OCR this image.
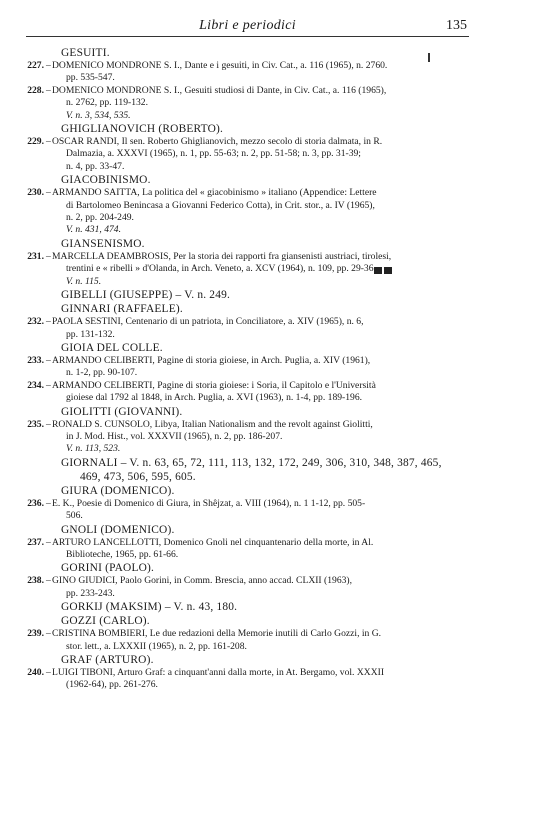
Libri e periodici	135
GESUITI.
227. – DOMENICO MONDRONE S. I., Dante e i gesuiti, in Civ. Cat., a. 116 (1965), n. 2760.
pp. 535-547.
228. – DOMENICO MONDRONE S. I., Gesuiti studiosi di Dante, in Civ. Cat., a. 116 (1965),
n. 2762, pp. 119-132.
V. n. 3, 534, 535.
GHIGLIANOVICH (ROBERTO).
229. – OSCAR RANDI, Il sen. Roberto Ghiglianovich, mezzo secolo di storia dalmata, in R.
Dalmazia, a. XXXVI (1965), n. 1, pp. 55-63; n. 2, pp. 51-58; n. 3, pp. 31-39;
n. 4, pp. 33-47.
GIACOBINISMO.
230. – ARMANDO SAITTA, La politica del « giacobinismo » italiano (Appendice: Lettere
di Bartolomeo Benincasa a Giovanni Federico Cotta), in Crit. stor., a. IV (1965),
n. 2, pp. 204-249.
V. n. 431, 474.
GIANSENISMO.
231. – MARCELLA DEAMBROSIS, Per la storia dei rapporti fra giansenisti austriaci, tirolesi,
trentini e « ribelli » d'Olanda, in Arch. Veneto, a. XCV (1964), n. 109, pp. 29-36.
V. n. 115.
GIBELLI (GIUSEPPE) – V. n. 249.
GINNARI (RAFFAELE).
232. – PAOLA SESTINI, Centenario di un patriota, in Conciliatore, a. XIV (1965), n. 6,
pp. 131-132.
GIOIA DEL COLLE.
233. – ARMANDO CELIBERTI, Pagine di storia gioiese, in Arch. Puglia, a. XIV (1961),
n. 1-2, pp. 90-107.
234. – ARMANDO CELIBERTI, Pagine di storia gioiese: i Soria, il Capitolo e l'Università
gioiese dal 1792 al 1848, in Arch. Puglia, a. XVI (1963), n. 1-4, pp. 189-196.
GIOLITTI (GIOVANNI).
235. – RONALD S. CUNSOLO, Libya, Italian Nationalism and the revolt against Giolitti,
in J. Mod. Hist., vol. XXXVII (1965), n. 2, pp. 186-207.
V. n. 113, 523.
GIORNALI – V. n. 63, 65, 72, 111, 113, 132, 172, 249, 306, 310, 348, 387, 465,
469, 473, 506, 595, 605.
GIURA (DOMENICO).
236. – E. K., Poesie di Domenico di Giura, in Shêjzat, a. VIII (1964), n. 1 1-12, pp. 505-
506.
GNOLI (DOMENICO).
237. – ARTURO LANCELLOTTI, Domenico Gnoli nel cinquantenario della morte, in Al.
Biblioteche, 1965, pp. 61-66.
GORINI (PAOLO).
238. – GINO GIUDICI, Paolo Gorini, in Comm. Brescia, anno accad. CLXII (1963),
pp. 233-243.
GORKIJ (MAKSIM) – V. n. 43, 180.
GOZZI (CARLO).
239. – CRISTINA BOMBIERI, Le due redazioni della Memorie inutili di Carlo Gozzi, in G.
stor. lett., a. LXXXII (1965), n. 2, pp. 161-208.
GRAF (ARTURO).
240. – LUIGI TIBONI, Arturo Graf: a cinquant'anni dalla morte, in At. Bergamo, vol. XXXII
(1962-64), pp. 261-276.
